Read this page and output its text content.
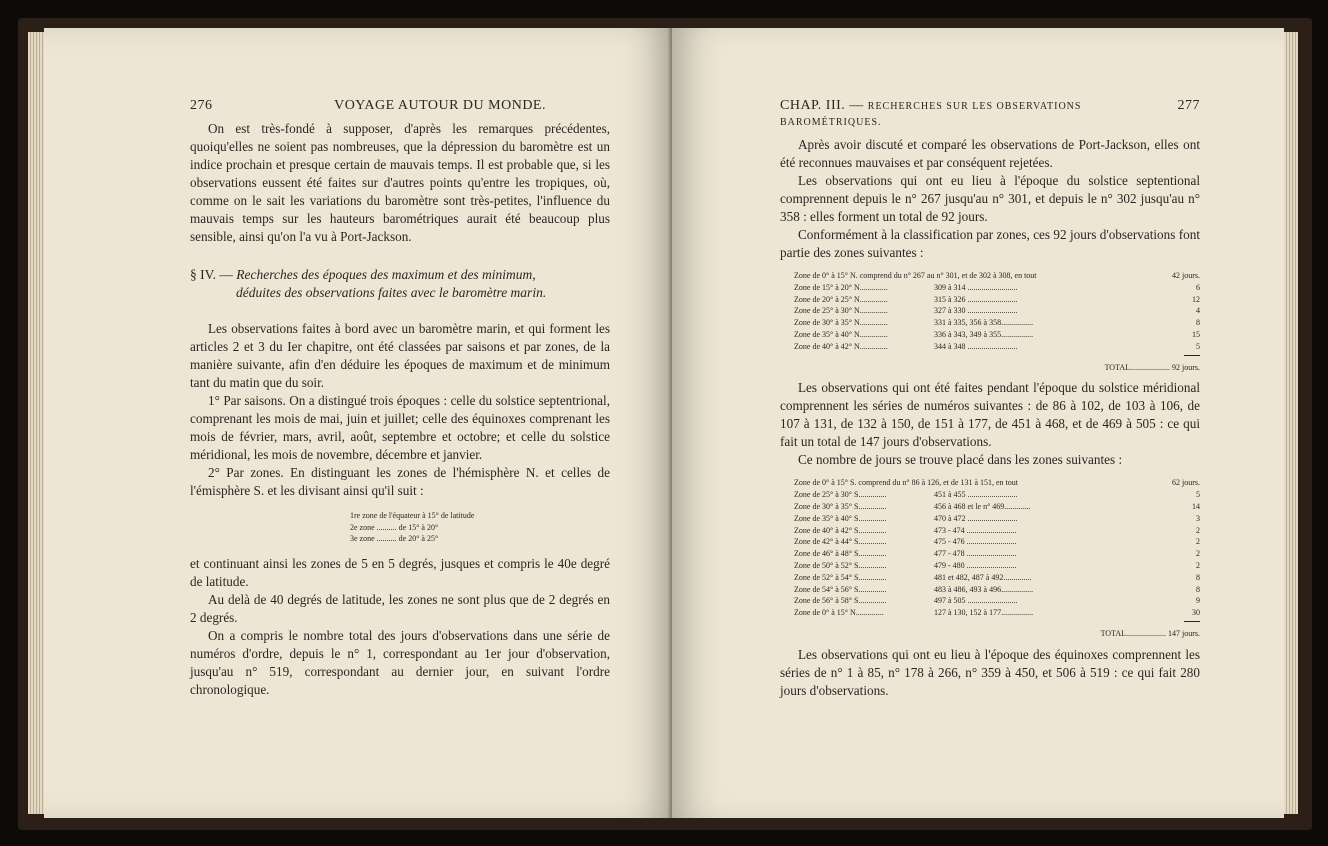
276	VOYAGE AUTOUR DU MONDE.

On est très-fondé à supposer, d'après les remarques précédentes, quoiqu'elles ne soient pas nombreuses, que la dépression du baromètre est un indice prochain et presque certain de mauvais temps. Il est probable que, si les observations eussent été faites sur d'autres points qu'entre les tropiques, où, comme on le sait les variations du baromètre sont très-petites, l'influence du mauvais temps sur les hauteurs barométriques aurait été beaucoup plus sensible, ainsi qu'on l'a vu à Port-Jackson.

§ IV. — Recherches des époques des maximum et des minimum,
déduites des observations faites avec le baromètre marin.

Les observations faites à bord avec un baromètre marin, et qui forment les articles 2 et 3 du Ier chapitre, ont été classées par saisons et par zones, de la manière suivante, afin d'en déduire les époques de maximum et de minimum tant du matin que du soir.

1° Par saisons. On a distingué trois époques : celle du solstice septentrional, comprenant les mois de mai, juin et juillet; celle des équinoxes comprenant les mois de février, mars, avril, août, septembre et octobre; et celle du solstice méridional, les mois de novembre, décembre et janvier.

2° Par zones. En distinguant les zones de l'hémisphère N. et celles de l'émisphère S. et les divisant ainsi qu'il suit :

1re zone de l'équateur à 15° de latitude
2e zone .......... de 15° à 20°
3e zone .......... de 20° à 25°

et continuant ainsi les zones de 5 en 5 degrés, jusques et compris le 40e degré de latitude.

Au delà de 40 degrés de latitude, les zones ne sont plus que de 2 degrés en 2 degrés.

On a compris le nombre total des jours d'observations dans une série de numéros d'ordre, depuis le n° 1, correspondant au 1er jour d'observation, jusqu'au n° 519, correspondant au dernier jour, en suivant l'ordre chronologique.

CHAP. III. — RECHERCHES SUR LES OBSERVATIONS BAROMÉTRIQUES.
277

Après avoir discuté et comparé les observations de Port-Jackson, elles ont été reconnues mauvaises et par conséquent rejetées.

Les observations qui ont eu lieu à l'époque du solstice septentional comprennent depuis le n° 267 jusqu'au n° 301, et depuis le n° 302 jusqu'au n° 358 : elles forment un total de 92 jours.

Conformément à la classification par zones, ces 92 jours d'observations font partie des zones suivantes :

Zone de 0° à 15° N. comprend du n° 267 au n° 301, et de 302 à 308, en tout	42 jours.
Zone de 15° à 20° N..............	309 à 314 .........................	6
Zone de 20° à 25° N..............	315 à 326 .........................	12
Zone de 25° à 30° N..............	327 à 330 .........................	4
Zone de 30° à 35° N..............	331 à 335, 356 à 358................	8
Zone de 35° à 40° N..............	336 à 343, 349 à 355................	15
Zone de 40° à 42° N..............	344 à 348 .........................	5
TOTAL.................... 92 jours.

Les observations qui ont été faites pendant l'époque du solstice méridional comprennent les séries de numéros suivantes : de 86 à 102, de 103 à 106, de 107 à 131, de 132 à 150, de 151 à 177, de 451 à 468, et de 469 à 505 : ce qui fait un total de 147 jours d'observations.

Ce nombre de jours se trouve placé dans les zones suivantes :

Zone de 0° à 15° S. comprend du n° 86 à 126, et de 131 à 151, en tout	62 jours.
Zone de 25° à 30° S..............	451 à 455 .........................	5
Zone de 30° à 35° S..............	456 à 468 et le n° 469.............	14
Zone de 35° à 40° S..............	470 à 472 .........................	3
Zone de 40° à 42° S..............	473 - 474 .........................	2
Zone de 42° à 44° S..............	475 - 476 .........................	2
Zone de 46° à 48° S..............	477 - 478 .........................	2
Zone de 50° à 52° S..............	479 - 480 .........................	2
Zone de 52° à 54° S..............	481 et 482, 487 à 492..............	8
Zone de 54° à 56° S..............	483 à 486, 493 à 496................	8
Zone de 56° à 58° S..............	497 à 505 .........................	9
Zone de 0° à 15° N..............	127 à 130, 152 à 177................	30
TOTAL.................... 147 jours.

Les observations qui ont eu lieu à l'époque des équinoxes comprennent les séries de n° 1 à 85, n° 178 à 266, n° 359 à 450, et 506 à 519 : ce qui fait 280 jours d'observations.
